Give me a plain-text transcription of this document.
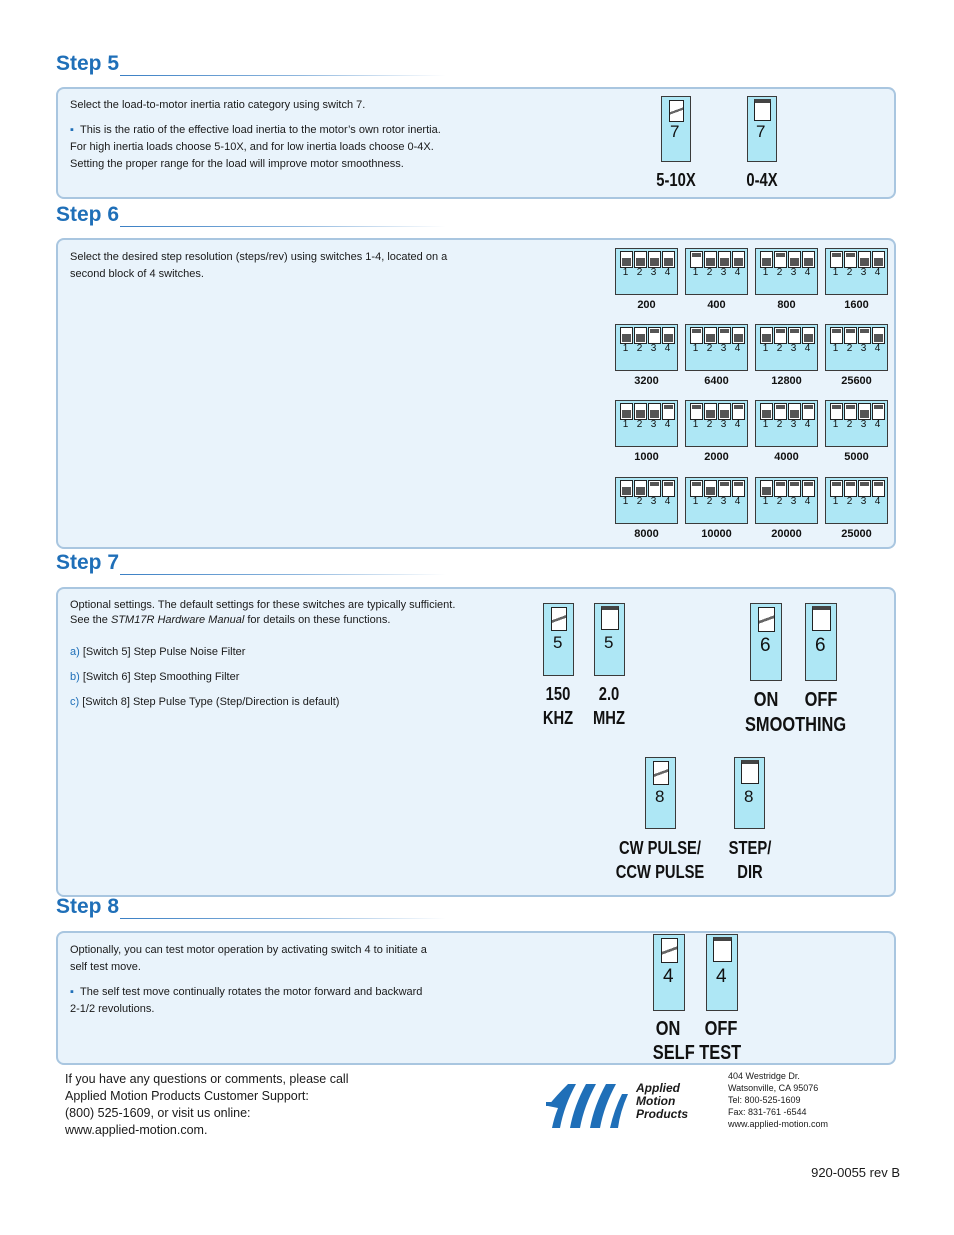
Step 5

Select the load-to-motor inertia ratio category using switch 7.

▪ This is the ratio of the effective load inertia to the motor’s own rotor inertia.

For high inertia loads choose 5-10X, and for low inertia loads choose 0-4X.

Setting the proper range for the load will improve motor smoothness.

7	7
5-10X	0-4X
Step 6

Select the desired step resolution (steps/rev) using switches 1-4, located on a

second block of 4 switches.	1 2 3 4
200
1 2 3 4
400
1 2 3 4
800
1 2 3 4
1600
1 2 3 4
3200
1 2 3 4
6400
1 2 3 4
12800
1 2 3 4
25600
1 2 3 4
1000
1 2 3 4
2000
1 2 3 4
4000
1 2 3 4
5000
1 2 3 4
8000
1 2 3 4
10000
1 2 3 4
20000
1 2 3 4
25000
Step 7

Optional settings. The default settings for these switches are typically sufficient.

See the STM17R Hardware Manual for details on these functions.

a) [Switch 5] Step Pulse Noise Filter

b) [Switch 6] Step Smoothing Filter

c) [Switch 8] Step Pulse Type (Step/Direction is default)

5 5
150
KHZ
2.0
MHZ
6 6
ON	OFF
SMOOTHING
8	8
CW PULSE/
CCW PULSE
STEP/
DIR
Step 8

Optionally, you can test motor operation by activating switch 4 to initiate a

self test move.

▪ The self test move continually rotates the motor forward and backward

2-1/2 revolutions.

4 4
ON	OFF
SELF TEST
If you have any questions or comments, please call
Applied Motion Products Customer Support:
(800) 525-1609, or visit us online:
www.applied-motion.com.
Applied
Motion
Products
404 Westridge Dr.
Watsonville, CA 95076
Tel: 800-525-1609
Fax: 831-761 -6544
www.applied-motion.com
920-0055 rev B
